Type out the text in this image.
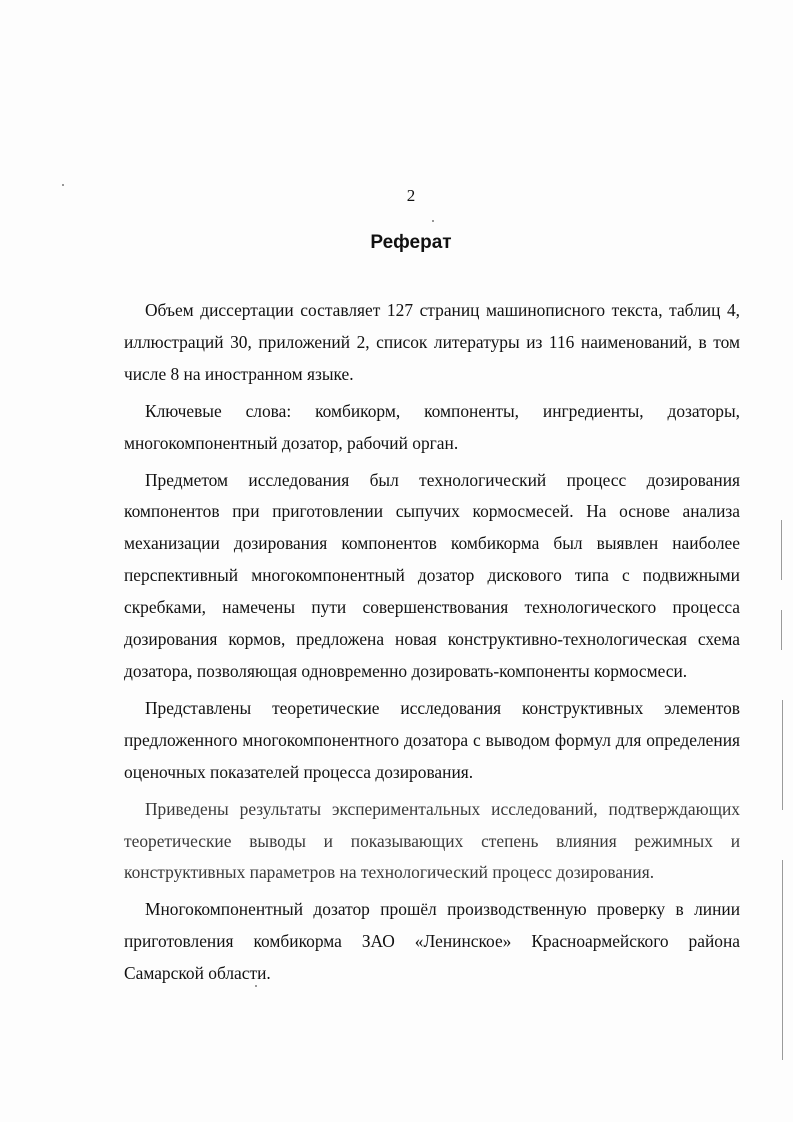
2
Реферат

Объем диссертации составляет 127 страниц машинописного текста, таблиц 4, иллюстраций 30, приложений 2, список литературы из 116 наименований, в том числе 8 на иностранном языке.

Ключевые слова: комбикорм, компоненты, ингредиенты, дозаторы, многокомпонентный дозатор, рабочий орган.

Предметом исследования был технологический процесс дозирования компонентов при приготовлении сыпучих кормосмесей. На основе анализа механизации дозирования компонентов комбикорма был выявлен наиболее перспективный многокомпонентный дозатор дискового типа с подвижными скребками, намечены пути совершенствования технологического процесса дозирования кормов, предложена новая конструктивно-технологическая схема дозатора, позволяющая одновременно дозировать-компоненты кормосмеси.

Представлены теоретические исследования конструктивных элементов предложенного многокомпонентного дозатора с выводом формул для определения оценочных показателей процесса дозирования.

Приведены результаты экспериментальных исследований, подтверждающих теоретические выводы и показывающих степень влияния режимных и конструктивных параметров на технологический процесс дозирования.

Многокомпонентный дозатор прошёл производственную проверку в линии приготовления комбикорма ЗАО «Ленинское» Красноармейского района Самарской области.
